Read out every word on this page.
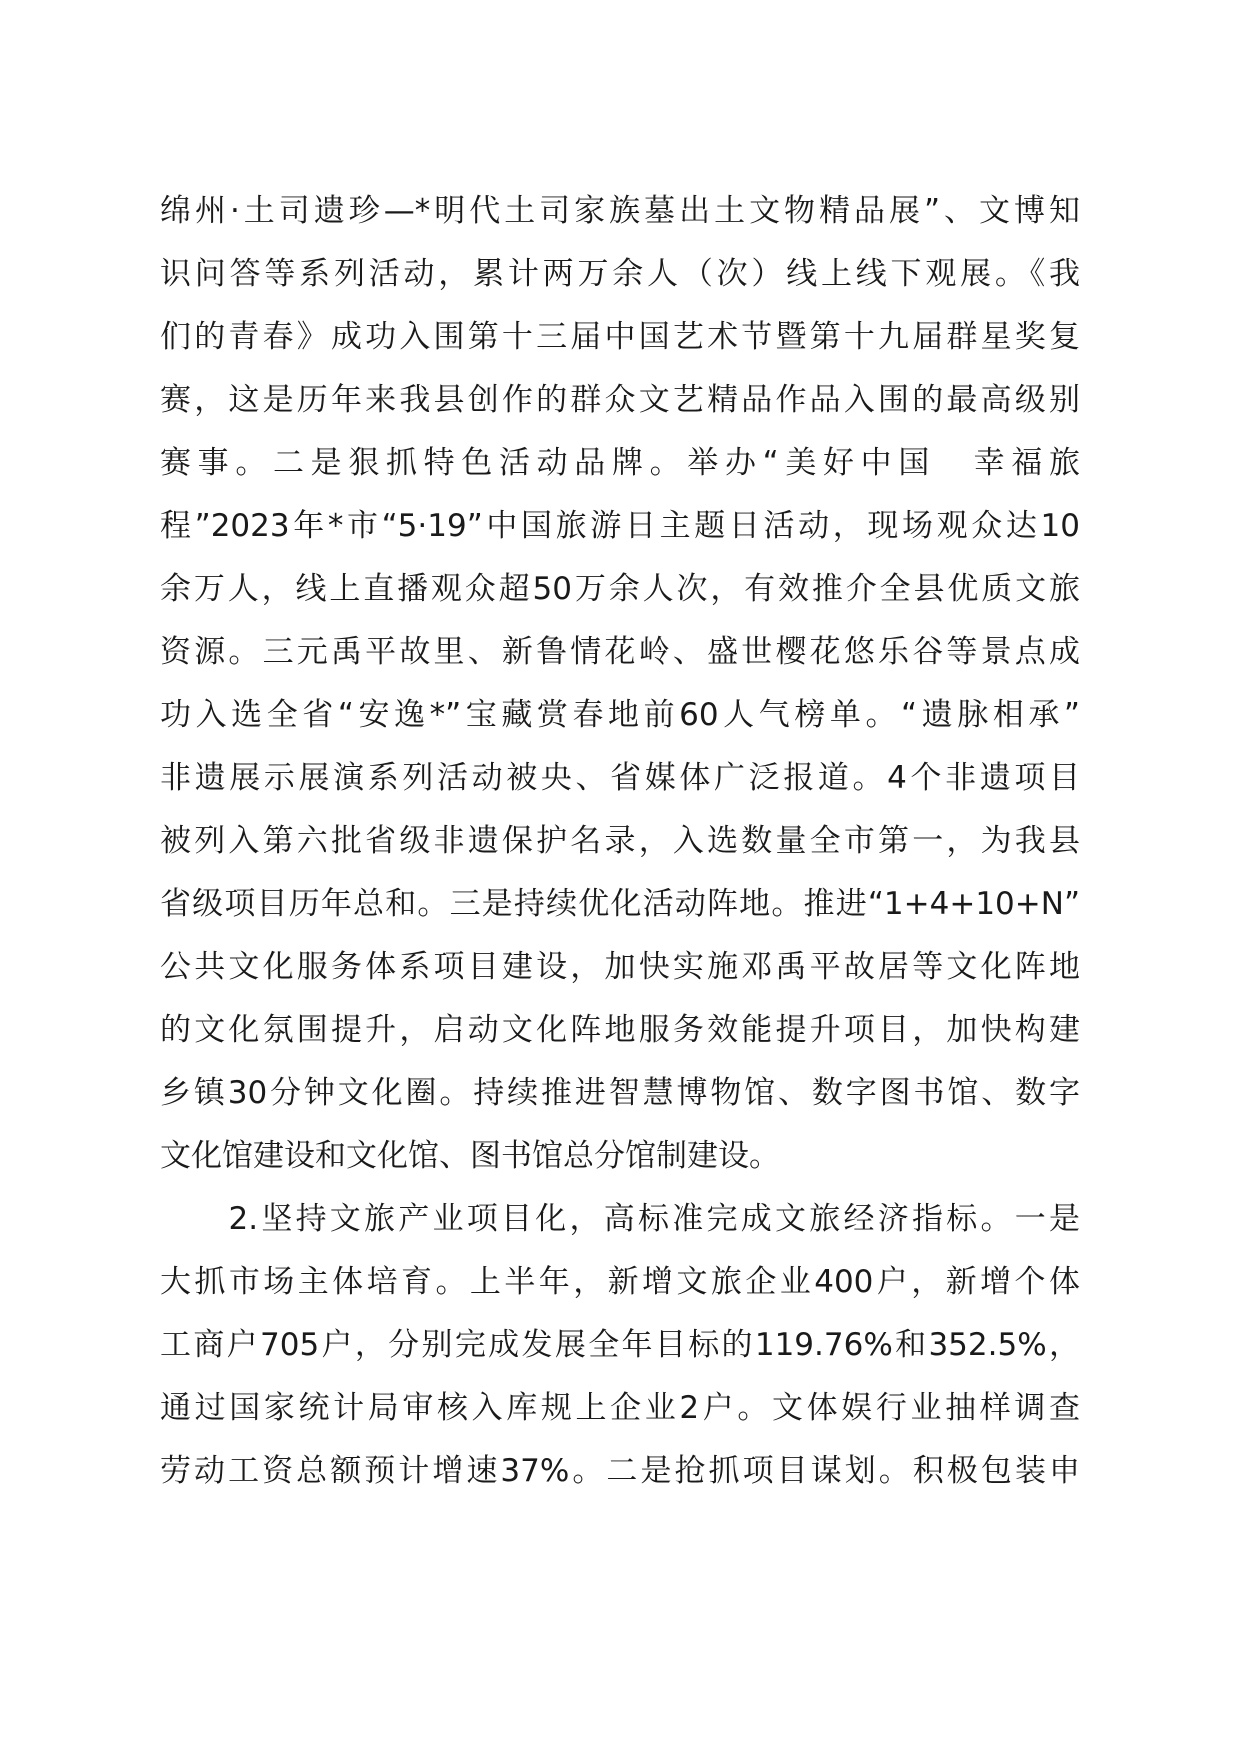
绵州·土司遗珍—*明代土司家族墓出土文物精品展”、文博知
识问答等系列活动，累计两万余人（次）线上线下观展。《我
们的青春》成功入围第十三届中国艺术节暨第十九届群星奖复
赛，这是历年来我县创作的群众文艺精品作品入围的最高级别
赛事。二是狠抓特色活动品牌。举办“美好中国　幸福旅
程”2023年*市“5·19”中国旅游日主题日活动，现场观众达10
余万人，线上直播观众超50万余人次，有效推介全县优质文旅
资源。三元禹平故里、新鲁情花岭、盛世樱花悠乐谷等景点成
功入选全省“安逸*”宝藏赏春地前60人气榜单。“遗脉相承”
非遗展示展演系列活动被央、省媒体广泛报道。4个非遗项目
被列入第六批省级非遗保护名录，入选数量全市第一，为我县
省级项目历年总和。三是持续优化活动阵地。推进“1+4+10+N”
公共文化服务体系项目建设，加快实施邓禹平故居等文化阵地
的文化氛围提升，启动文化阵地服务效能提升项目，加快构建
乡镇30分钟文化圈。持续推进智慧博物馆、数字图书馆、数字
文化馆建设和文化馆、图书馆总分馆制建设。
　　2.坚持文旅产业项目化，高标准完成文旅经济指标。一是
大抓市场主体培育。上半年，新增文旅企业400户，新增个体
工商户705户，分别完成发展全年目标的119.76%和352.5%，
通过国家统计局审核入库规上企业2户。文体娱行业抽样调查
劳动工资总额预计增速37%。二是抢抓项目谋划。积极包装申
